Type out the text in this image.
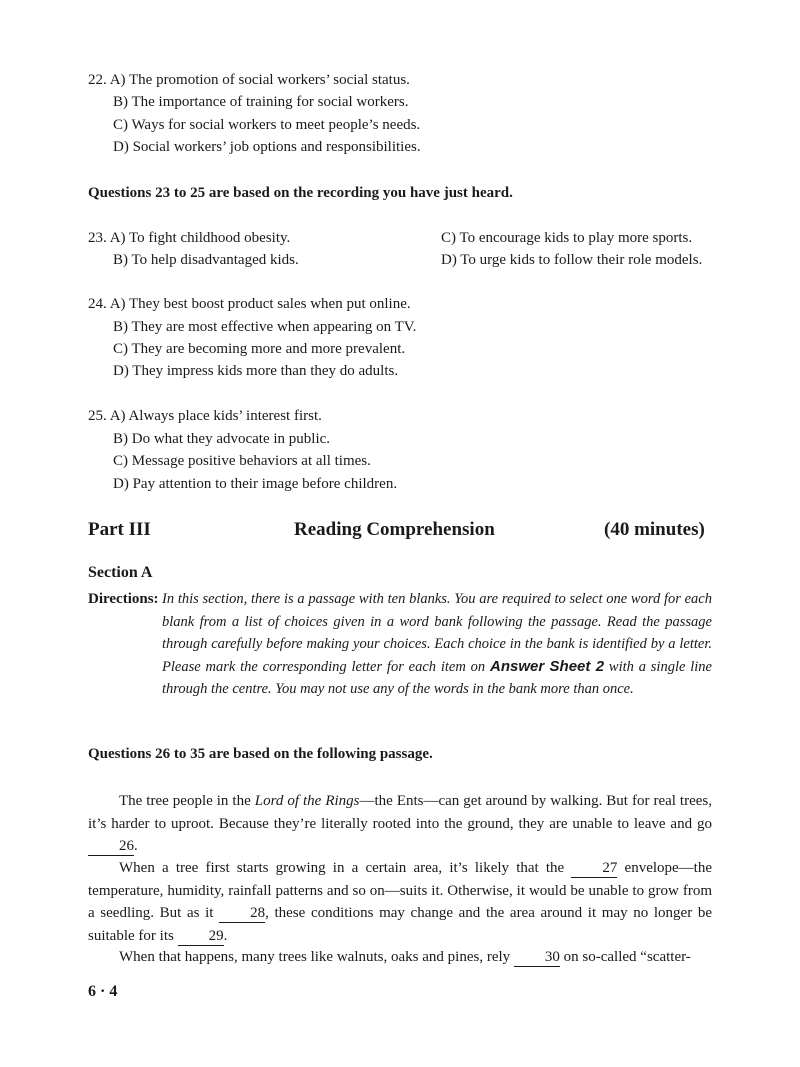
22. A) The promotion of social workers’ social status.
B) The importance of training for social workers.
C) Ways for social workers to meet people’s needs.
D) Social workers’ job options and responsibilities.
Questions 23 to 25 are based on the recording you have just heard.
23. A) To fight childhood obesity.
B) To help disadvantaged kids.
C) To encourage kids to play more sports.
D) To urge kids to follow their role models.
24. A) They best boost product sales when put online.
B) They are most effective when appearing on TV.
C) They are becoming more and more prevalent.
D) They impress kids more than they do adults.
25. A) Always place kids’ interest first.
B) Do what they advocate in public.
C) Message positive behaviors at all times.
D) Pay attention to their image before children.
Part III	Reading Comprehension	(40 minutes)
Section A
Directions: In this section, there is a passage with ten blanks. You are required to select one word for each blank from a list of choices given in a word bank following the passage. Read the passage through carefully before making your choices. Each choice in the bank is identified by a letter. Please mark the corresponding letter for each item on Answer Sheet 2 with a single line through the centre. You may not use any of the words in the bank more than once.
Questions 26 to 35 are based on the following passage.
The tree people in the Lord of the Rings—the Ents—can get around by walking. But for real trees, it’s harder to uproot. Because they’re literally rooted into the ground, they are unable to leave and go 26.
When a tree first starts growing in a certain area, it’s likely that the 27 envelope—the temperature, humidity, rainfall patterns and so on—suits it. Otherwise, it would be unable to grow from a seedling. But as it 28, these conditions may change and the area around it may no longer be suitable for its 29.
When that happens, many trees like walnuts, oaks and pines, rely 30 on so-called “scatter-
6 · 4
